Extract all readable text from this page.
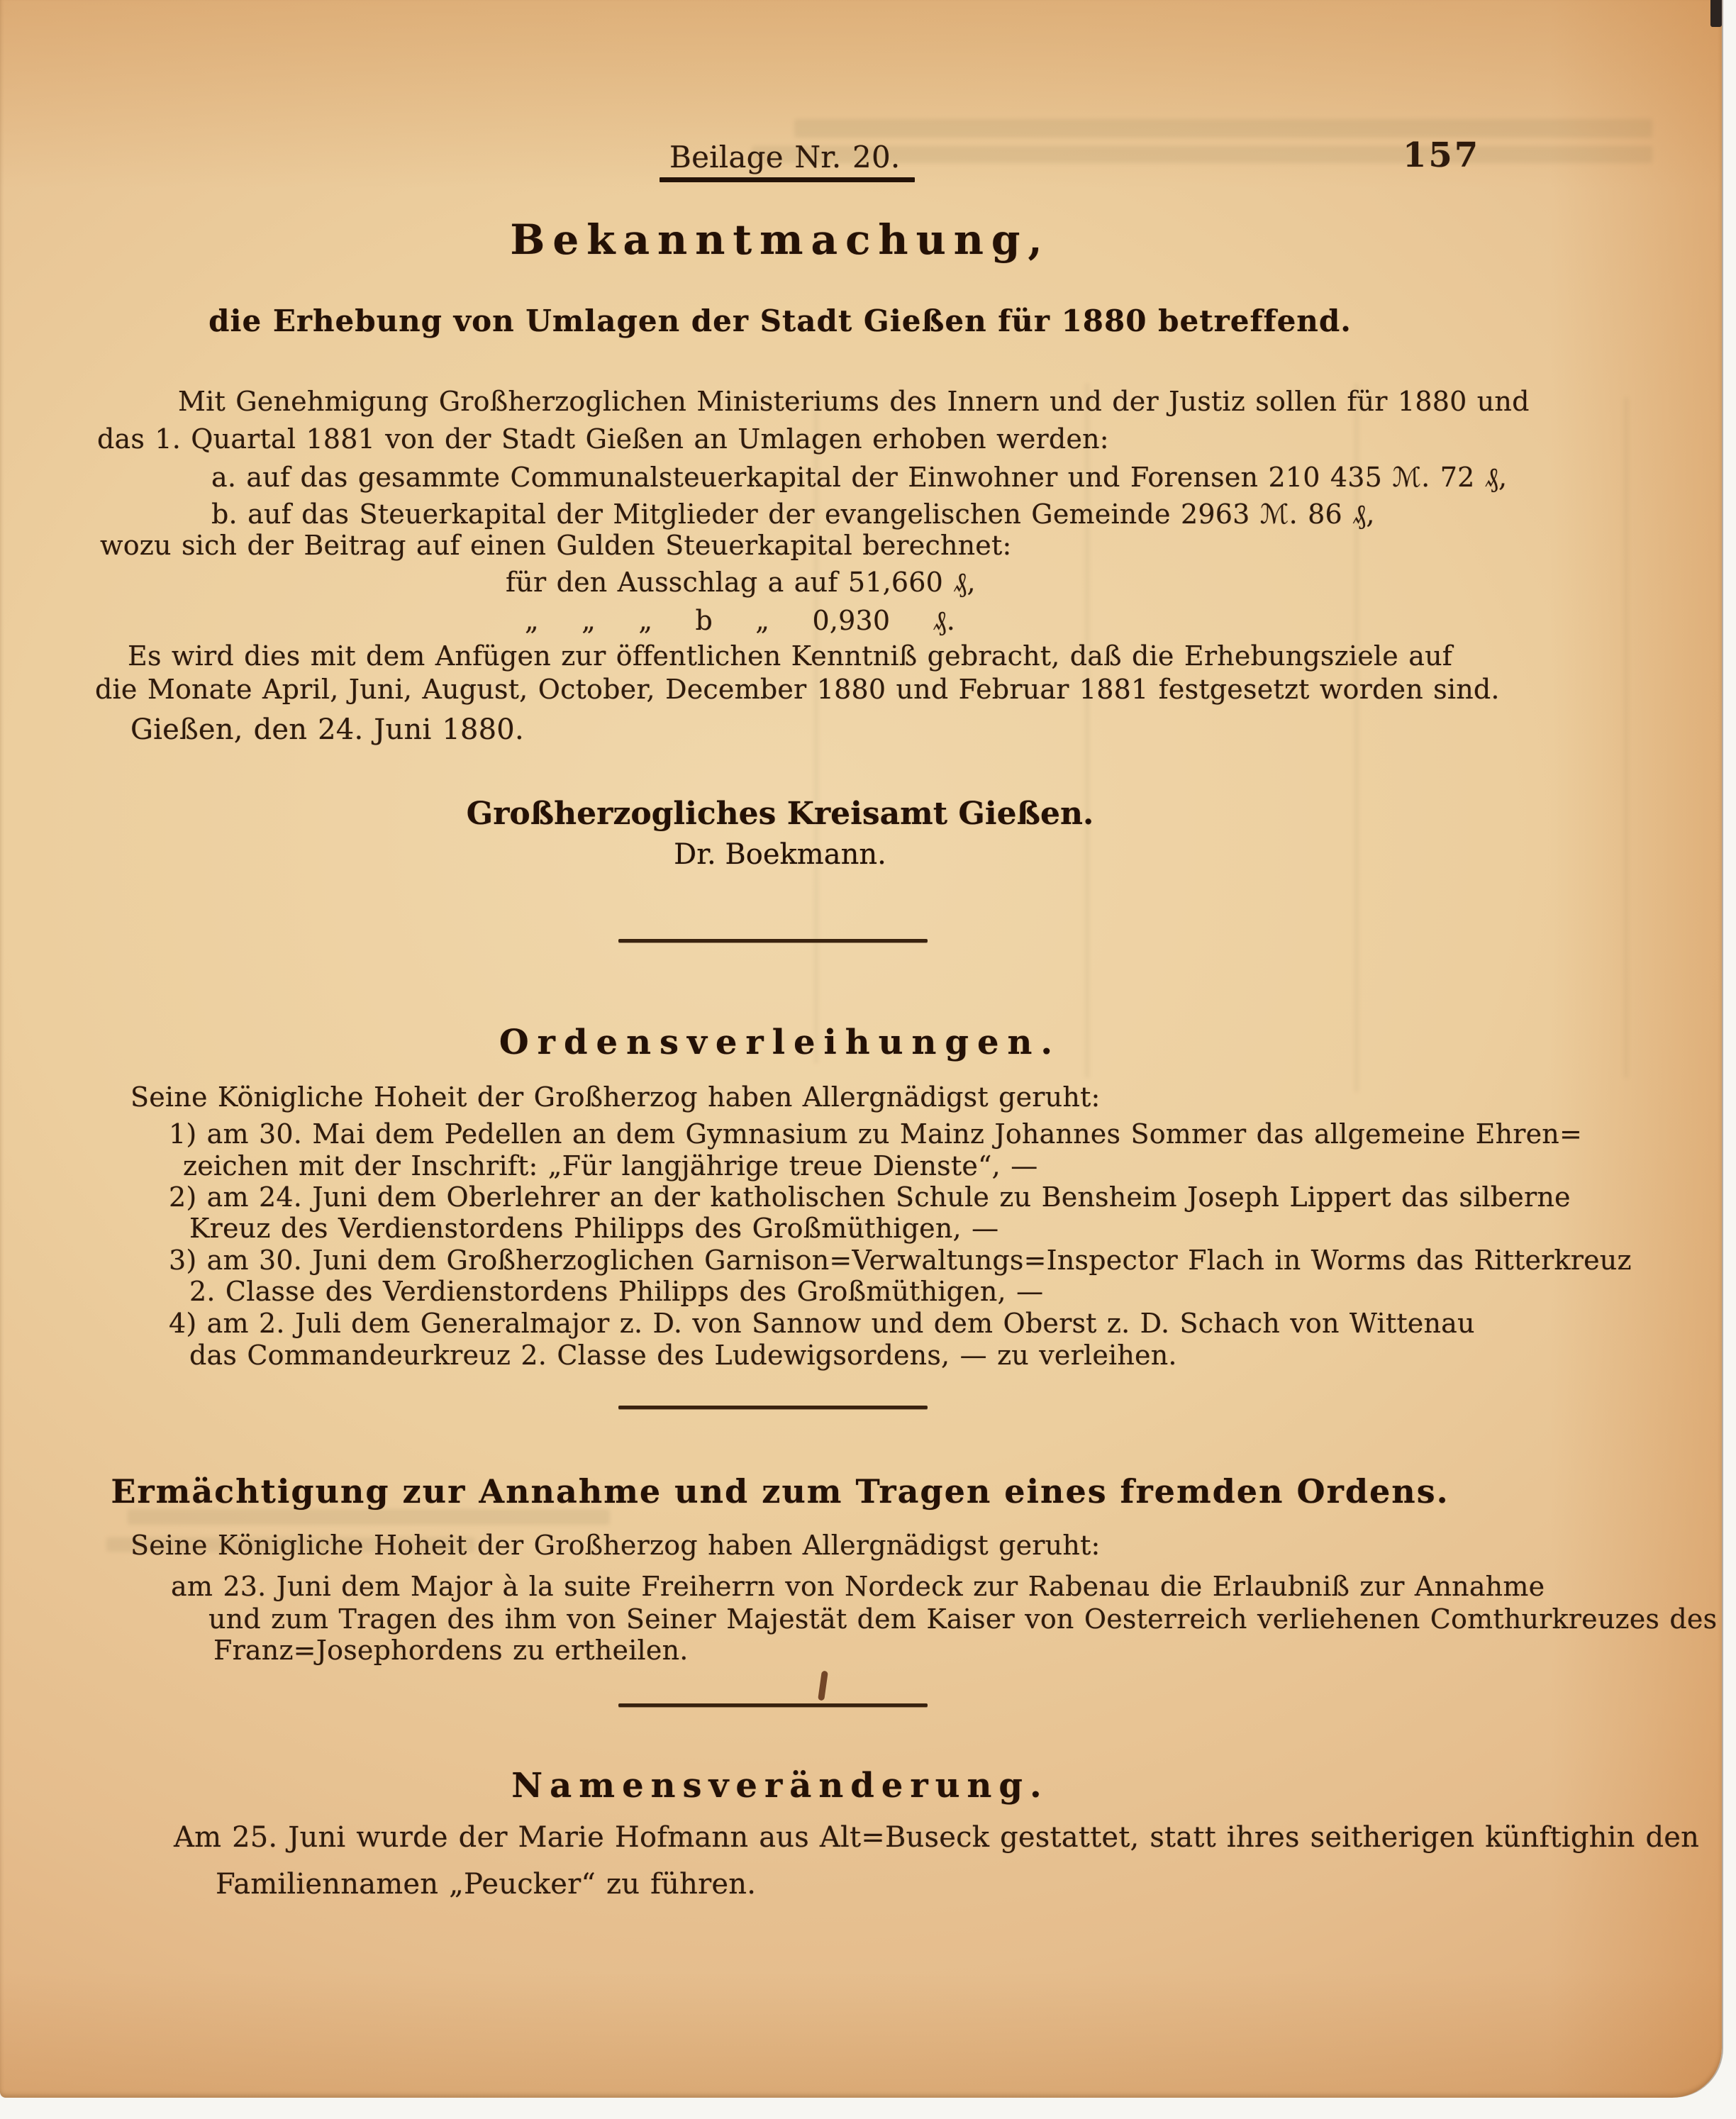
Beilage Nr. 20.	157
Bekanntmachung,
die Erhebung von Umlagen der Stadt Gießen für 1880 betreffend.
Mit Genehmigung Großherzoglichen Ministeriums des Innern und der Justiz sollen für 1880 und
das 1. Quartal 1881 von der Stadt Gießen an Umlagen erhoben werden:
a. auf das gesammte Communalsteuerkapital der Einwohner und Forensen 210 435 ℳ. 72 ₰,
b. auf das Steuerkapital der Mitglieder der evangelischen Gemeinde 2963 ℳ. 86 ₰,
wozu sich der Beitrag auf einen Gulden Steuerkapital berechnet:
für den Ausschlag a auf 51,660 ₰,
„ „ „ b „ 0,930 ₰.
Es wird dies mit dem Anfügen zur öffentlichen Kenntniß gebracht, daß die Erhebungsziele auf
die Monate April, Juni, August, October, December 1880 und Februar 1881 festgesetzt worden sind.
Gießen, den 24. Juni 1880.
Großherzogliches Kreisamt Gießen.
Dr. Boekmann.
Ordensverleihungen.
Seine Königliche Hoheit der Großherzog haben Allergnädigst geruht:
1) am 30. Mai dem Pedellen an dem Gymnasium zu Mainz Johannes Sommer das allgemeine Ehren=
zeichen mit der Inschrift: „Für langjährige treue Dienste“, —
2) am 24. Juni dem Oberlehrer an der katholischen Schule zu Bensheim Joseph Lippert das silberne
Kreuz des Verdienstordens Philipps des Großmüthigen, —
3) am 30. Juni dem Großherzoglichen Garnison=Verwaltungs=Inspector Flach in Worms das Ritterkreuz
2. Classe des Verdienstordens Philipps des Großmüthigen, —
4) am 2. Juli dem Generalmajor z. D. von Sannow und dem Oberst z. D. Schach von Wittenau
das Commandeurkreuz 2. Classe des Ludewigsordens, — zu verleihen.
Ermächtigung zur Annahme und zum Tragen eines fremden Ordens.
Seine Königliche Hoheit der Großherzog haben Allergnädigst geruht:
am 23. Juni dem Major à la suite Freiherrn von Nordeck zur Rabenau die Erlaubniß zur Annahme
und zum Tragen des ihm von Seiner Majestät dem Kaiser von Oesterreich verliehenen Comthurkreuzes des
Franz=Josephordens zu ertheilen.
Namensveränderung.
Am 25. Juni wurde der Marie Hofmann aus Alt=Buseck gestattet, statt ihres seitherigen künftighin den
Familiennamen „Peucker“ zu führen.
